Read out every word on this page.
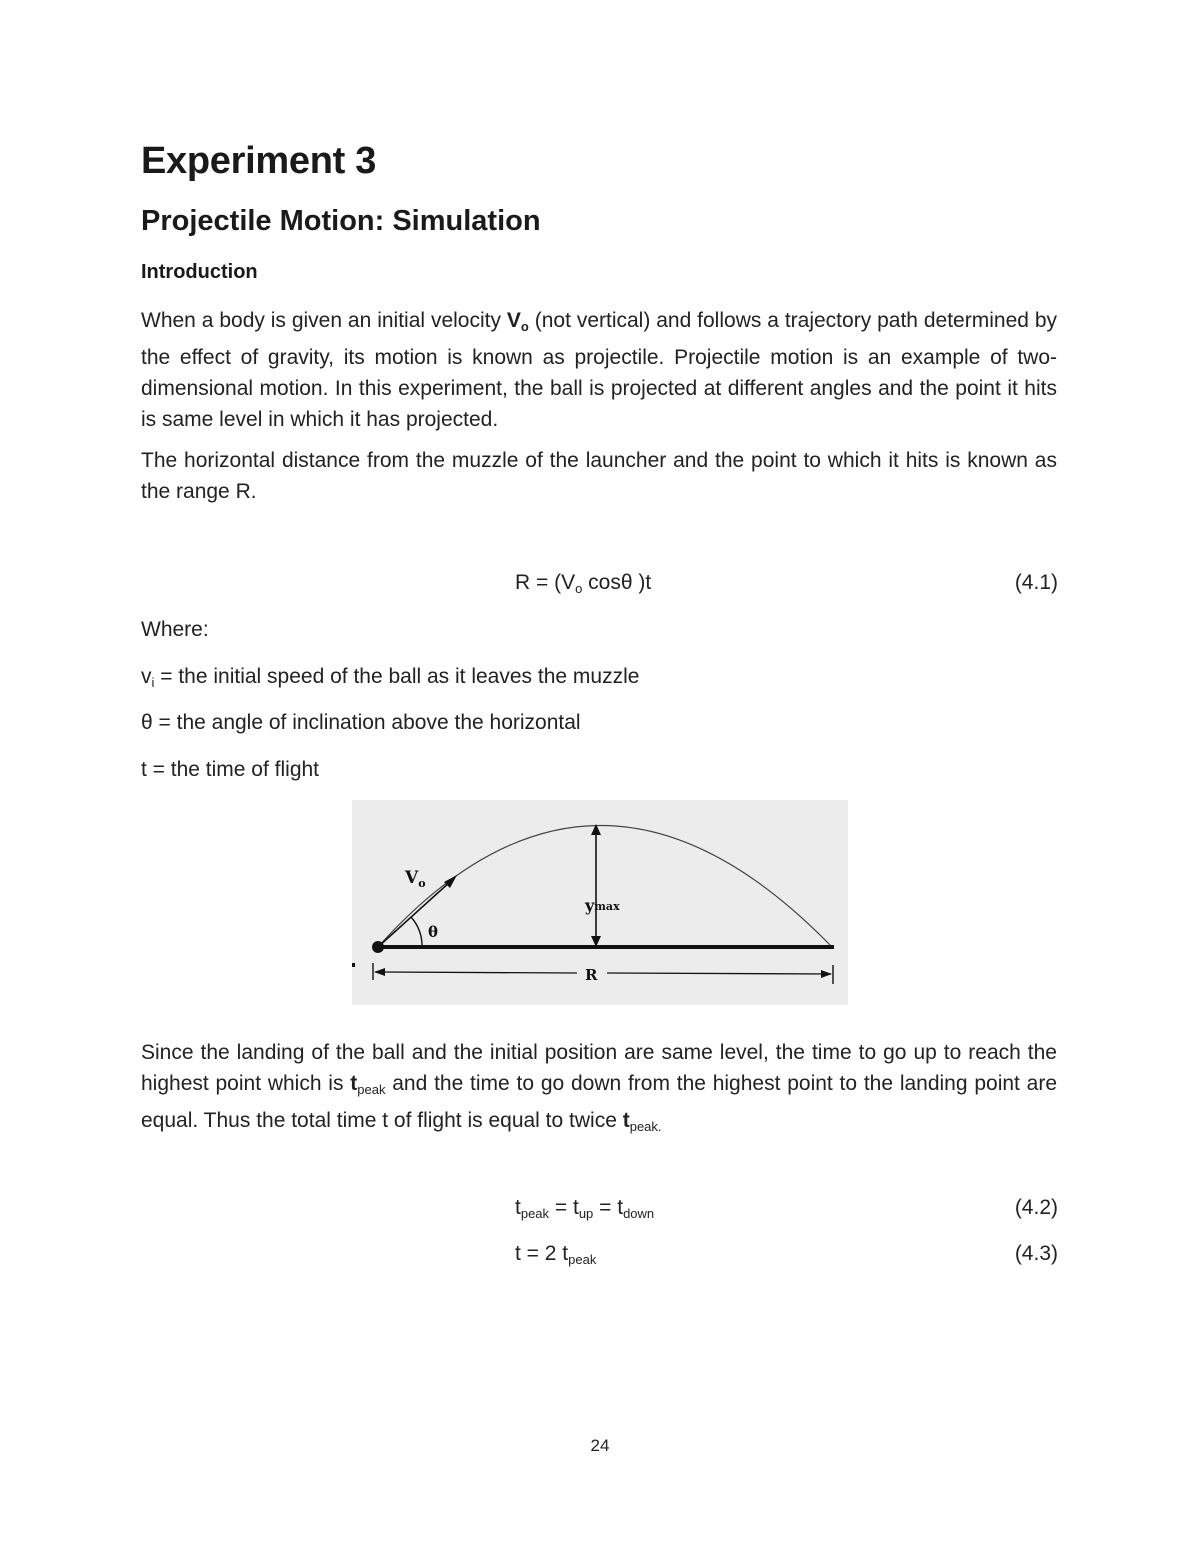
Experiment 3
Projectile Motion: Simulation
Introduction
When a body is given an initial velocity $V_o$ (not vertical) and follows a trajectory path determined by the effect of gravity, its motion is known as projectile. Projectile motion is an example of two-dimensional motion. In this experiment, the ball is projected at different angles and the point it hits is same level in which it has projected.
The horizontal distance from the muzzle of the launcher and the point to which it hits is known as the range R.
$R = (V_o$ cosθ )t	(4.1)
Where:
$v_i$ = the initial speed of the ball as it leaves the muzzle
θ = the angle of inclination above the horizontal
t = the time of flight
$V_o$
θ
ymax
R
Since the landing of the ball and the initial position are same level, the time to go up to reach the highest point which is $t_{peak}$ and the time to go down from the highest point to the landing point are equal. Thus the total time t of flight is equal to twice $t_{peak.}$
$t_{peak} = t_{up} = t_{down}$	(4.2)
t = 2 $t_{peak}$	(4.3)
24
